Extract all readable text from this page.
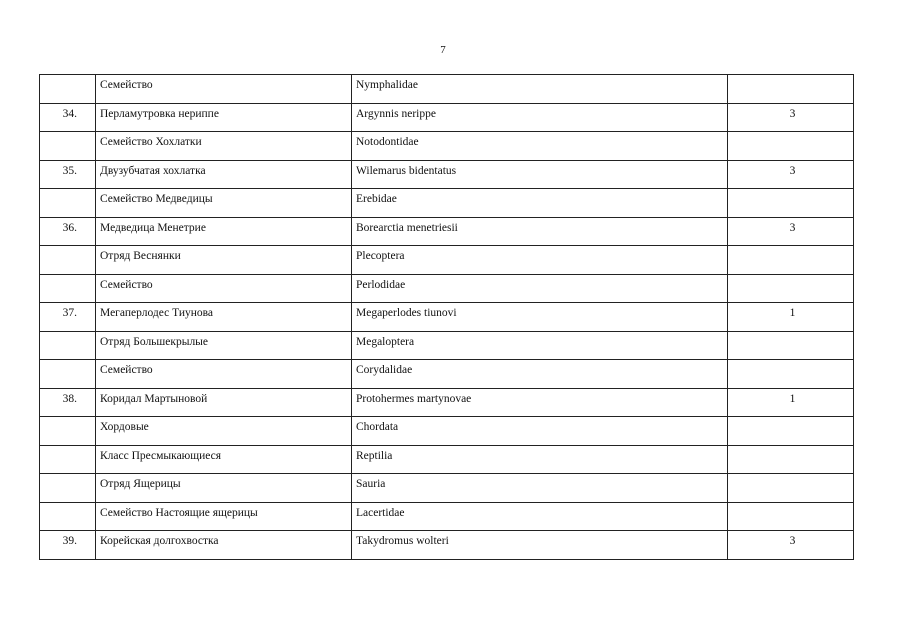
7
	Семейство	Nymphalidae	
34.	Перламутровка нериппе	Argynnis nerippe	3
	Семейство Хохлатки	Notodontidae	
35.	Двузубчатая хохлатка	Wilemarus bidentatus	3
	Семейство Медведицы	Erebidae	
36.	Медведица Менетрие	Borearctia menetriesii	3
	Отряд Веснянки	Plecoptera	
	Семейство	Perlodidae	
37.	Мегаперлодес Тиунова	Megaperlodes tiunovi	1
	Отряд Большекрылые	Megaloptera	
	Семейство	Corydalidae	
38.	Коридал Мартыновой	Protohermes martynovae	1
	Хордовые	Chordata	
	Класс Пресмыкающиеся	Reptilia	
	Отряд Ящерицы	Sauria	
	Семейство Настоящие ящерицы	Lacertidae	
39.	Корейская долгохвостка	Takydromus wolteri	3
